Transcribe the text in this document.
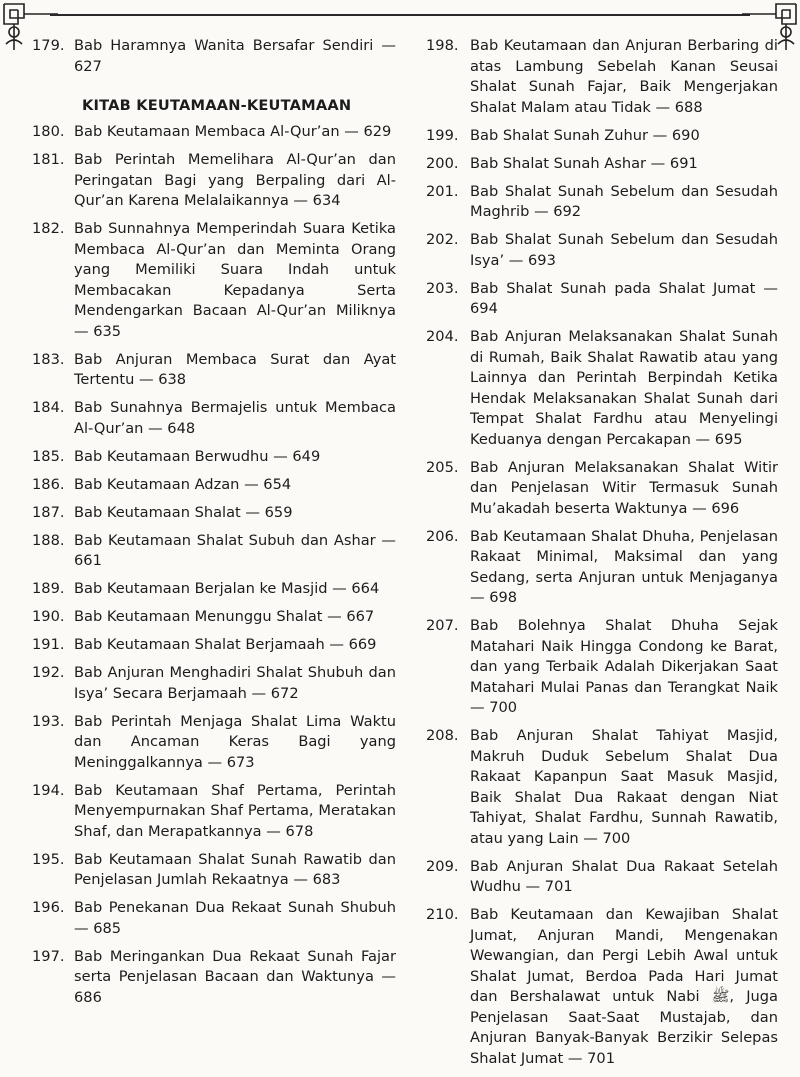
179. Bab Haramnya Wanita Bersafar Sendiri — 627
KITAB KEUTAMAAN-KEUTAMAAN
180. Bab Keutamaan Membaca Al-Qur’an — 629
181. Bab Perintah Memelihara Al-Qur’an dan Peringatan Bagi yang Berpaling dari Al-Qur’an Karena Melalaikannya — 634
182. Bab Sunnahnya Memperindah Suara Ketika Membaca Al-Qur’an dan Meminta Orang yang Memiliki Suara Indah untuk Membacakan Kepadanya Serta Mendengarkan Bacaan Al-Qur’an Miliknya — 635
183. Bab Anjuran Membaca Surat dan Ayat Tertentu — 638
184. Bab Sunahnya Bermajelis untuk Membaca Al-Qur’an — 648
185. Bab Keutamaan Berwudhu — 649
186. Bab Keutamaan Adzan — 654
187. Bab Keutamaan Shalat — 659
188. Bab Keutamaan Shalat Subuh dan Ashar — 661
189. Bab Keutamaan Berjalan ke Masjid — 664
190. Bab Keutamaan Menunggu Shalat — 667
191. Bab Keutamaan Shalat Berjamaah — 669
192. Bab Anjuran Menghadiri Shalat Shubuh dan Isya’ Secara Berjamaah — 672
193. Bab Perintah Menjaga Shalat Lima Waktu dan Ancaman Keras Bagi yang Meninggalkannya — 673
194. Bab Keutamaan Shaf Pertama, Perintah Menyempurnakan Shaf Pertama, Meratakan Shaf, dan Merapatkannya — 678
195. Bab Keutamaan Shalat Sunah Rawatib dan Penjelasan Jumlah Rekaatnya — 683
196. Bab Penekanan Dua Rekaat Sunah Shubuh — 685
197. Bab Meringankan Dua Rekaat Sunah Fajar serta Penjelasan Bacaan dan Waktunya — 686
198. Bab Keutamaan dan Anjuran Berbaring di atas Lambung Sebelah Kanan Seusai Shalat Sunah Fajar, Baik Mengerjakan Shalat Malam atau Tidak — 688
199. Bab Shalat Sunah Zuhur — 690
200. Bab Shalat Sunah Ashar — 691
201. Bab Shalat Sunah Sebelum dan Sesudah Maghrib — 692
202. Bab Shalat Sunah Sebelum dan Sesudah Isya’ — 693
203. Bab Shalat Sunah pada Shalat Jumat — 694
204. Bab Anjuran Melaksanakan Shalat Sunah di Rumah, Baik Shalat Rawatib atau yang Lainnya dan Perintah Berpindah Ketika Hendak Melaksanakan Shalat Sunah dari Tempat Shalat Fardhu atau Menyelingi Keduanya dengan Percakapan — 695
205. Bab Anjuran Melaksanakan Shalat Witir dan Penjelasan Witir Termasuk Sunah Mu’akadah beserta Waktunya — 696
206. Bab Keutamaan Shalat Dhuha, Penjelasan Rakaat Minimal, Maksimal dan yang Sedang, serta Anjuran untuk Menjaganya — 698
207. Bab Bolehnya Shalat Dhuha Sejak Matahari Naik Hingga Condong ke Barat, dan yang Terbaik Adalah Dikerjakan Saat Matahari Mulai Panas dan Terangkat Naik — 700
208. Bab Anjuran Shalat Tahiyat Masjid, Makruh Duduk Sebelum Shalat Dua Rakaat Kapanpun Saat Masuk Masjid, Baik Shalat Dua Rakaat dengan Niat Tahiyat, Shalat Fardhu, Sunnah Rawatib, atau yang Lain — 700
209. Bab Anjuran Shalat Dua Rakaat Setelah Wudhu — 701
210. Bab Keutamaan dan Kewajiban Shalat Jumat, Anjuran Mandi, Mengenakan Wewangian, dan Pergi Lebih Awal untuk Shalat Jumat, Berdoa Pada Hari Jumat dan Bershalawat untuk Nabi ﷺ, Juga Penjelasan Saat-Saat Mustajab, dan Anjuran Banyak-Banyak Berzikir Selepas Shalat Jumat — 701
